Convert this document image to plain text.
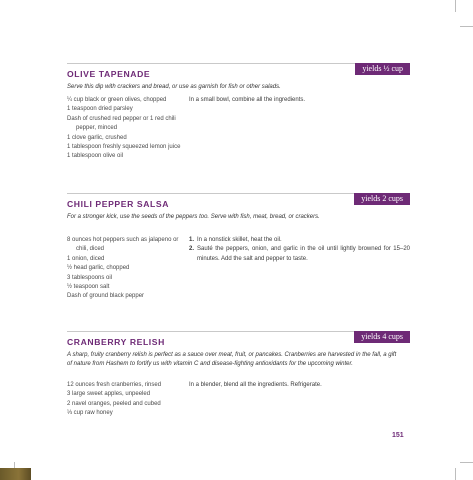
yields ½ cup
OLIVE TAPENADE

Serve this dip with crackers and bread, or use as garnish for fish or other salads.

¼ cup black or green olives, chopped
1 teaspoon dried parsley
Dash of crushed red pepper or 1 red chili pepper, minced
1 clove garlic, crushed
1 tablespoon freshly squeezed lemon juice
1 tablespoon olive oil

In a small bowl, combine all the ingredients.

yields 2 cups
CHILI PEPPER SALSA

For a stronger kick, use the seeds of the peppers too. Serve with fish, meat, bread, or crackers.

8 ounces hot peppers such as jalapeno or chili, diced
1 onion, diced
½ head garlic, chopped
3 tablespoons oil
½ teaspoon salt
Dash of ground black pepper
1. In a nonstick skillet, heat the oil.
2. Sauté the peppers, onion, and garlic in the oil until lightly browned for 15–20 minutes. Add the salt and pepper to taste.
yields 4 cups
CRANBERRY RELISH

A sharp, fruity cranberry relish is perfect as a sauce over meat, fruit, or pancakes. Cranberries are harvested in the fall, a gift of nature from Hashem to fortify us with vitamin C and disease-fighting antioxidants for the upcoming winter.

12 ounces fresh cranberries, rinsed
3 large sweet apples, unpeeled
2 navel oranges, peeled and cubed
⅓ cup raw honey

In a blender, blend all the ingredients. Refrigerate.

151
